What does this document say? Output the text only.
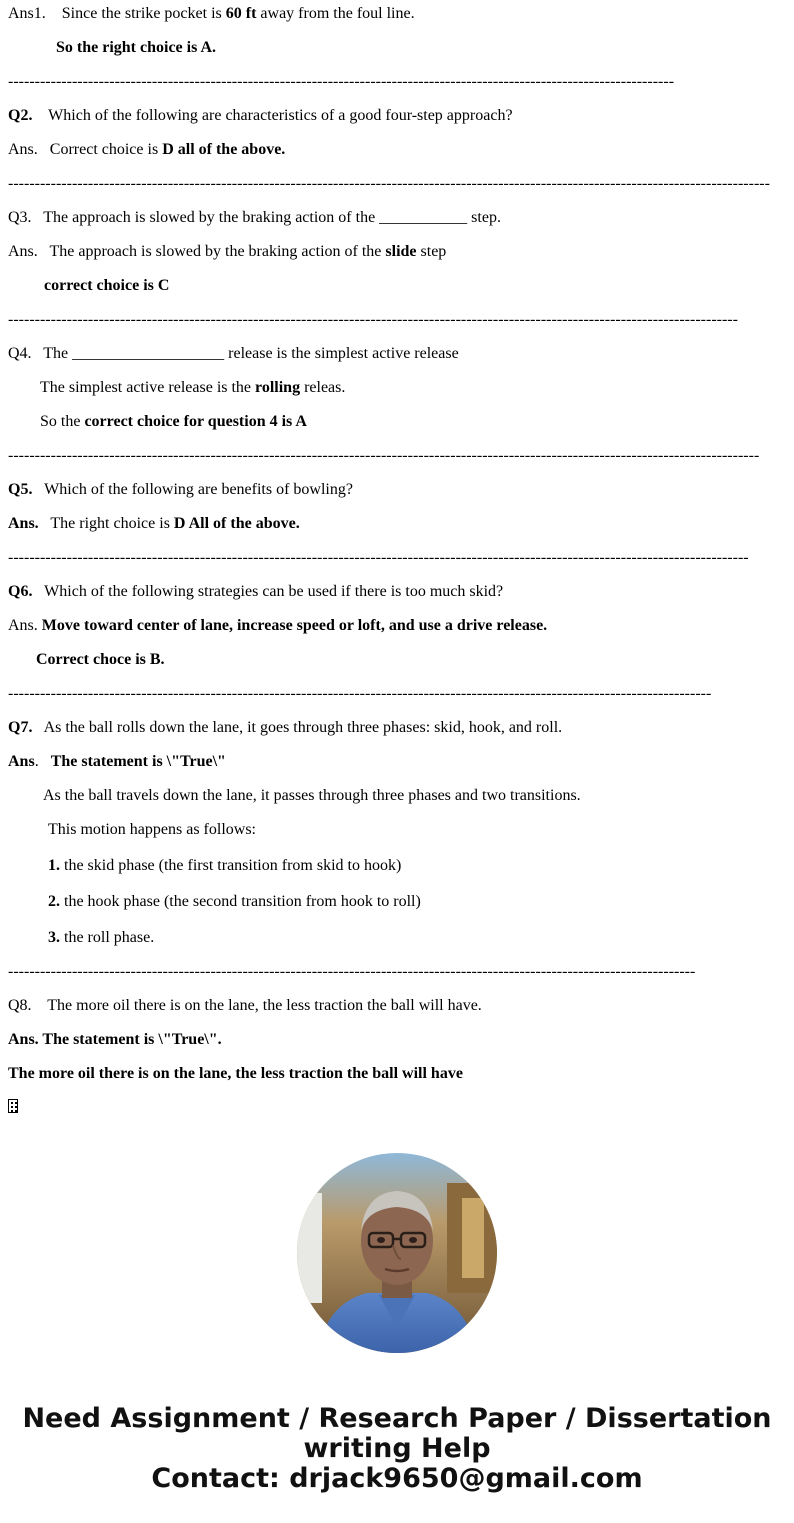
Ans1.    Since the strike pocket is 60 ft away from the foul line.
So the right choice is A.
-----------------------------------------------------------------------------------------------------------------------------
Q2.    Which of the following are characteristics of a good four-step approach?
Ans.   Correct choice is D all of the above.
-----------------------------------------------------------------------------------------------------------------------------------------------
Q3.   The approach is slowed by the braking action of the ___________ step.
Ans.   The approach is slowed by the braking action of the slide step
correct choice is C
-----------------------------------------------------------------------------------------------------------------------------------------
Q4.   The ___________________ release is the simplest active release
The simplest active release is the rolling releas.
So the correct choice for question 4 is A
---------------------------------------------------------------------------------------------------------------------------------------------
Q5.   Which of the following are benefits of bowling?
Ans.   The right choice is D All of the above.
-------------------------------------------------------------------------------------------------------------------------------------------
Q6.   Which of the following strategies can be used if there is too much skid?
Ans. Move toward center of lane, increase speed or loft, and use a drive release.
Correct choce is B.
------------------------------------------------------------------------------------------------------------------------------------
Q7.   As the ball rolls down the lane, it goes through three phases: skid, hook, and roll.
Ans.   The statement is \"True\"
As the ball travels down the lane, it passes through three phases and two transitions.
This motion happens as follows:
1. the skid phase (the first transition from skid to hook)
2. the hook phase (the second transition from hook to roll)
3. the roll phase.
---------------------------------------------------------------------------------------------------------------------------------
Q8.    The more oil there is on the lane, the less traction the ball will have.
Ans. The statement is \"True\".
The more oil there is on the lane, the less traction the ball will have
Need Assignment / Research Paper / Dissertation
writing Help
Contact: drjack9650@gmail.com
